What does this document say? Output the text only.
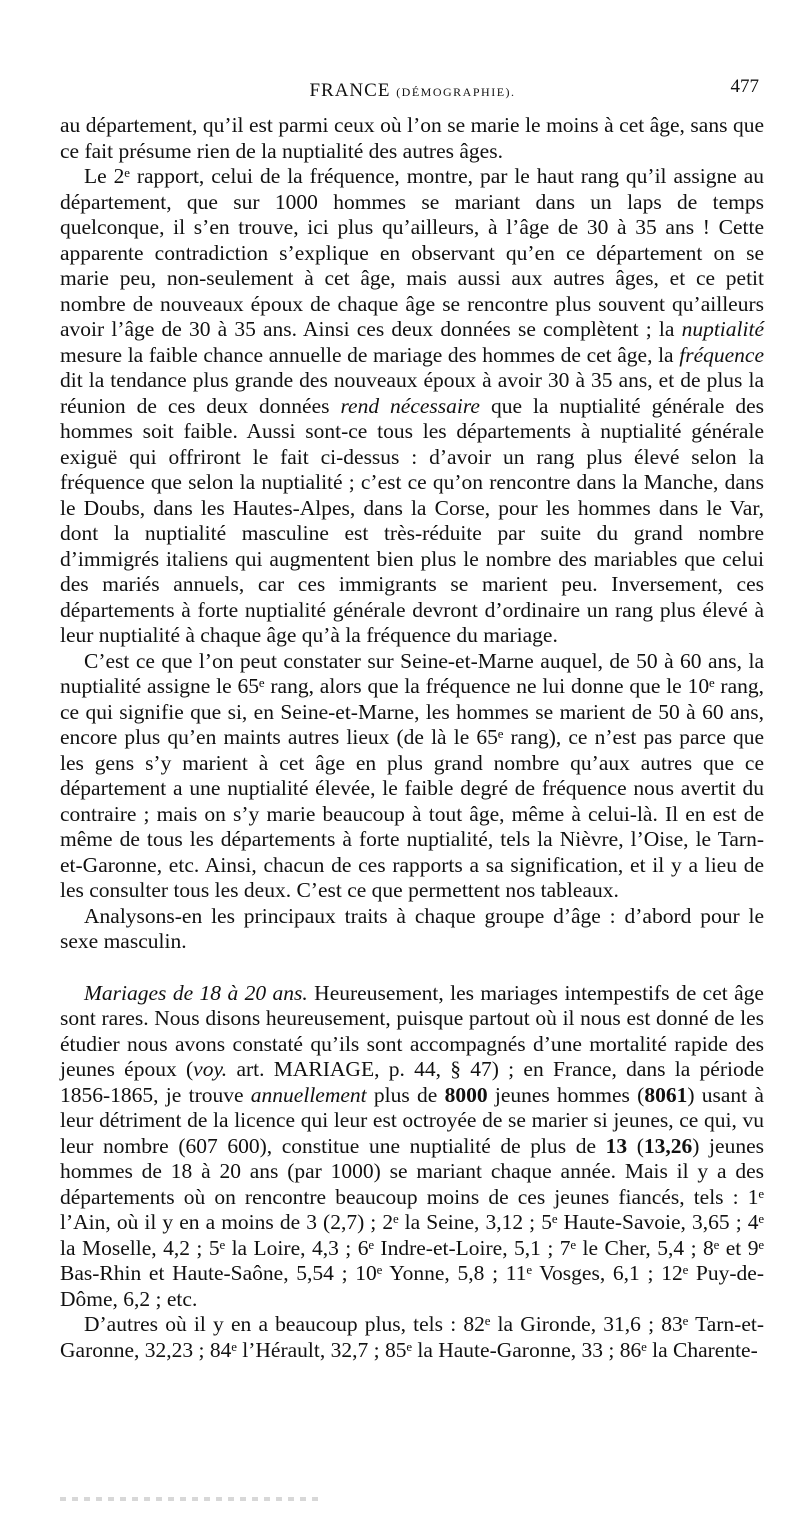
FRANCE (DÉMOGRAPHIE).	477

au département, qu’il est parmi ceux où l’on se marie le moins à cet âge, sans que ce fait présume rien de la nuptialité des autres âges.

Le 2ᵉ rapport, celui de la fréquence, montre, par le haut rang qu’il assigne au département, que sur 1000 hommes se mariant dans un laps de temps quelconque, il s’en trouve, ici plus qu’ailleurs, à l’âge de 30 à 35 ans ! Cette apparente contradiction s’explique en observant qu’en ce département on se marie peu, non-seulement à cet âge, mais aussi aux autres âges, et ce petit nombre de nouveaux époux de chaque âge se rencontre plus souvent qu’ailleurs avoir l’âge de 30 à 35 ans. Ainsi ces deux données se complètent ; la nuptialité mesure la faible chance annuelle de mariage des hommes de cet âge, la fréquence dit la tendance plus grande des nouveaux époux à avoir 30 à 35 ans, et de plus la réunion de ces deux données rend nécessaire que la nuptialité générale des hommes soit faible. Aussi sont-ce tous les départements à nuptialité générale exiguë qui offriront le fait ci-dessus : d’avoir un rang plus élevé selon la fréquence que selon la nuptialité ; c’est ce qu’on rencontre dans la Manche, dans le Doubs, dans les Hautes-Alpes, dans la Corse, pour les hommes dans le Var, dont la nuptialité masculine est très-réduite par suite du grand nombre d’immigrés italiens qui augmentent bien plus le nombre des mariables que celui des mariés annuels, car ces immigrants se marient peu. Inversement, ces départements à forte nuptialité générale devront d’ordinaire un rang plus élevé à leur nuptialité à chaque âge qu’à la fréquence du mariage.

C’est ce que l’on peut constater sur Seine-et-Marne auquel, de 50 à 60 ans, la nuptialité assigne le 65ᵉ rang, alors que la fréquence ne lui donne que le 10ᵉ rang, ce qui signifie que si, en Seine-et-Marne, les hommes se marient de 50 à 60 ans, encore plus qu’en maints autres lieux (de là le 65ᵉ rang), ce n’est pas parce que les gens s’y marient à cet âge en plus grand nombre qu’aux autres que ce département a une nuptialité élevée, le faible degré de fréquence nous avertit du contraire ; mais on s’y marie beaucoup à tout âge, même à celui-là. Il en est de même de tous les départements à forte nuptialité, tels la Nièvre, l’Oise, le Tarn-et-Garonne, etc. Ainsi, chacun de ces rapports a sa signification, et il y a lieu de les consulter tous les deux. C’est ce que permettent nos tableaux.

Analysons-en les principaux traits à chaque groupe d’âge : d’abord pour le sexe masculin.

Mariages de 18 à 20 ans. Heureusement, les mariages intempestifs de cet âge sont rares. Nous disons heureusement, puisque partout où il nous est donné de les étudier nous avons constaté qu’ils sont accompagnés d’une mortalité rapide des jeunes époux (voy. art. MARIAGE, p. 44, § 47) ; en France, dans la période 1856-1865, je trouve annuellement plus de 8000 jeunes hommes (8061) usant à leur détriment de la licence qui leur est octroyée de se marier si jeunes, ce qui, vu leur nombre (607 600), constitue une nuptialité de plus de 13 (13,26) jeunes hommes de 18 à 20 ans (par 1000) se mariant chaque année. Mais il y a des départements où on rencontre beaucoup moins de ces jeunes fiancés, tels : 1ᵉ l’Ain, où il y en a moins de 3 (2,7) ; 2ᵉ la Seine, 3,12 ; 5ᵉ Haute-Savoie, 3,65 ; 4ᵉ la Moselle, 4,2 ; 5ᵉ la Loire, 4,3 ; 6ᵉ Indre-et-Loire, 5,1 ; 7ᵉ le Cher, 5,4 ; 8ᵉ et 9ᵉ Bas-Rhin et Haute-Saône, 5,54 ; 10ᵉ Yonne, 5,8 ; 11ᵉ Vosges, 6,1 ; 12ᵉ Puy-de-Dôme, 6,2 ; etc.

D’autres où il y en a beaucoup plus, tels : 82ᵉ la Gironde, 31,6 ; 83ᵉ Tarn-et-Garonne, 32,23 ; 84ᵉ l’Hérault, 32,7 ; 85ᵉ la Haute-Garonne, 33 ; 86ᵉ la Charente-
